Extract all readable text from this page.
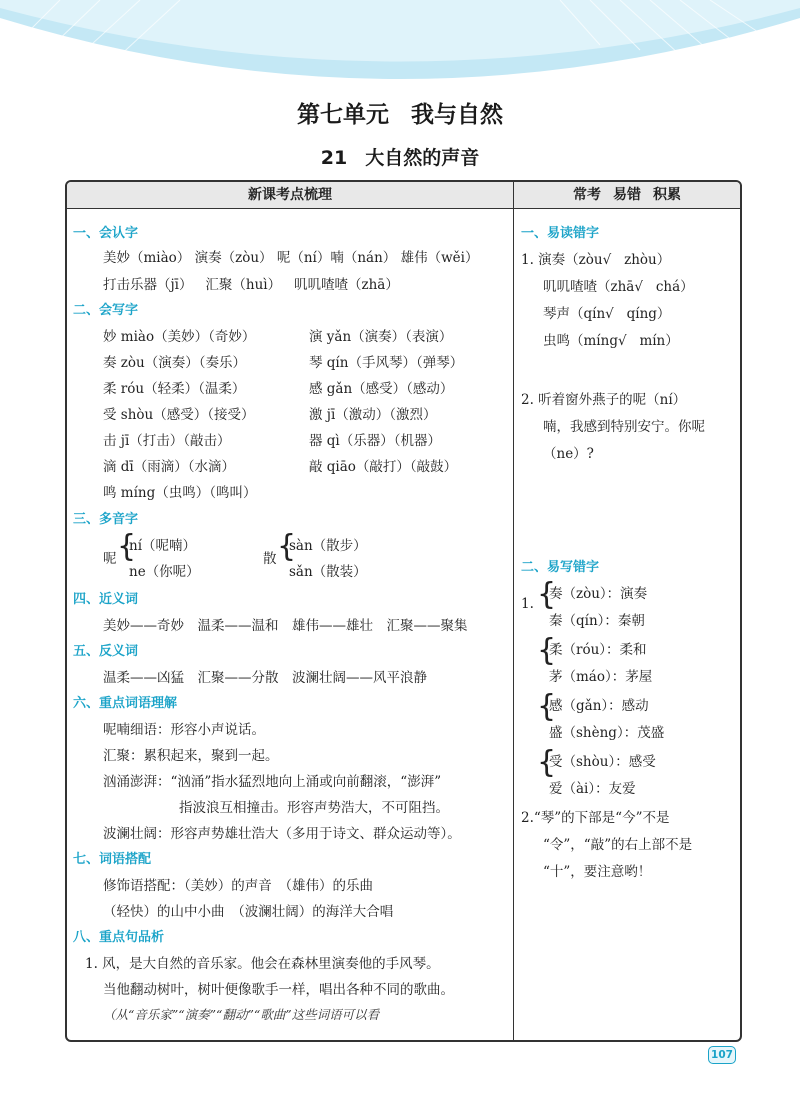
第七单元 我与自然
21 大自然的声音
新课考点梳理	常考 易错 积累
一、会认字
美妙（miào） 演奏（zòu） 呢（ní）喃（nán） 雄伟（wěi）
打击乐器（jī） 汇聚（huì） 叽叽喳喳（zhā）
二、会写字
妙 miào（美妙）（奇妙）	演 yǎn（演奏）（表演）
奏 zòu（演奏）（奏乐）	琴 qín（手风琴）（弹琴）
柔 róu（轻柔）（温柔）	感 gǎn（感受）（感动）
受 shòu（感受）（接受）	激 jī（激动）（激烈）
击 jī（打击）（敲击）	器 qì（乐器）（机器）
滴 dī（雨滴）（水滴）	敲 qiāo（敲打）（敲鼓）
鸣 míng（虫鸣）（鸣叫）
三、多音字
呢 {
ní（呢喃）
ne（你呢）
散 {
sàn（散步）
sǎn（散装）
四、近义词
美妙——奇妙　温柔——温和　雄伟——雄壮　汇聚——聚集
五、反义词
温柔——凶猛　汇聚——分散　波澜壮阔——风平浪静
六、重点词语理解
呢喃细语：形容小声说话。
汇聚：累积起来，聚到一起。
汹涌澎湃：“汹涌”指水猛烈地向上涌或向前翻滚，“澎湃”
指波浪互相撞击。形容声势浩大，不可阻挡。
波澜壮阔：形容声势雄壮浩大（多用于诗文、群众运动等）。
七、词语搭配
修饰语搭配：（美妙）的声音　（雄伟）的乐曲
（轻快）的山中小曲　（波澜壮阔）的海洋大合唱
八、重点句品析
1. 风，是大自然的音乐家。他会在森林里演奏他的手风琴。
当他翻动树叶，树叶便像歌手一样，唱出各种不同的歌曲。
（从“音乐家”“演奏”“翻动”“歌曲”这些词语可以看
一、易读错字
1. 演奏（zòu√ zhòu）
叽叽喳喳（zhā√ chá）
琴声（qín√ qíng）
虫鸣（míng√ mín）
2. 听着窗外燕子的呢（ní）
喃，我感到特别安宁。你呢
（ne）?
二、易写错字
1. {
奏（zòu）：演奏
秦（qín）：秦朝
{
柔（róu）：柔和
茅（máo）：茅屋
{
感（gǎn）：感动
盛（shèng）：茂盛
{
受（shòu）：感受
爱（ài）：友爱
2.“琴”的下部是“今”不是
“令”，“敲”的右上部不是
“十”，要注意哟！
107
